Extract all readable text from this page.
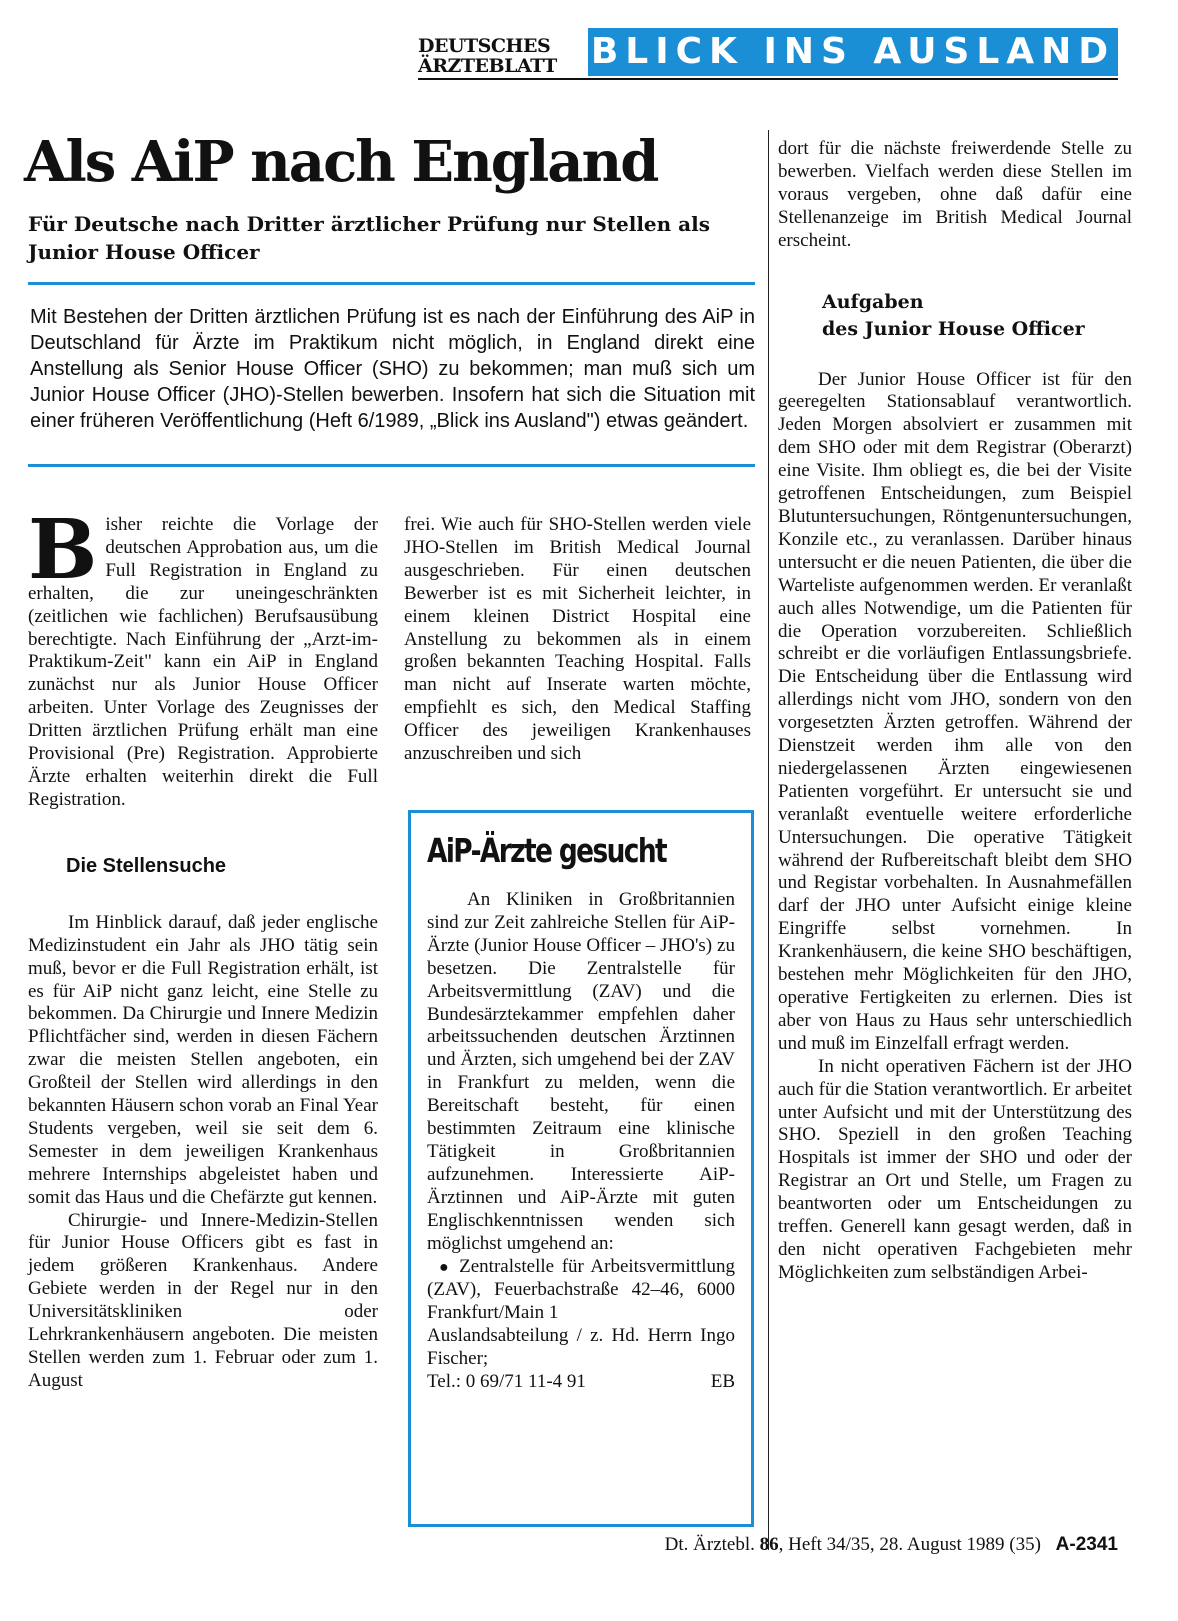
DEUTSCHES
ÄRZTEBLATT BLICK INS AUSLAND
Als AiP nach England
Für Deutsche nach Dritter ärztlicher Prüfung nur Stellen als Junior House Officer

Mit Bestehen der Dritten ärztlichen Prüfung ist es nach der Einführung des AiP in Deutschland für Ärzte im Praktikum nicht möglich, in England direkt eine Anstellung als Senior House Officer (SHO) zu bekommen; man muß sich um Junior House Officer (JHO)-Stellen bewerben. Insofern hat sich die Situation mit einer früheren Veröffentlichung (Heft 6/1989, „Blick ins Ausland") etwas geändert.

Bisher reichte die Vorlage der deutschen Approbation aus, um die Full Registration in England zu erhalten, die zur uneingeschränkten (zeitlichen wie fachlichen) Berufsausübung berechtigte. Nach Einführung der „Arzt-im-Praktikum-Zeit" kann ein AiP in England zunächst nur als Junior House Officer arbeiten. Unter Vorlage des Zeugnisses der Dritten ärztlichen Prüfung erhält man eine Provisional (Pre) Registration. Approbierte Ärzte erhalten weiterhin direkt die Full Registration.

Die Stellensuche

Im Hinblick darauf, daß jeder englische Medizinstudent ein Jahr als JHO tätig sein muß, bevor er die Full Registration erhält, ist es für AiP nicht ganz leicht, eine Stelle zu bekommen. Da Chirurgie und Innere Medizin Pflichtfächer sind, werden in diesen Fächern zwar die meisten Stellen angeboten, ein Großteil der Stellen wird allerdings in den bekannten Häusern schon vorab an Final Year Students vergeben, weil sie seit dem 6. Semester in dem jeweiligen Krankenhaus mehrere Internships abgeleistet haben und somit das Haus und die Chefärzte gut kennen.

Chirurgie- und Innere-Medizin-Stellen für Junior House Officers gibt es fast in jedem größeren Krankenhaus. Andere Gebiete werden in der Regel nur in den Universitätskliniken oder Lehrkrankenhäusern angeboten. Die meisten Stellen werden zum 1. Februar oder zum 1. August

frei. Wie auch für SHO-Stellen werden viele JHO-Stellen im British Medical Journal ausgeschrieben. Für einen deutschen Bewerber ist es mit Sicherheit leichter, in einem kleinen District Hospital eine Anstellung zu bekommen als in einem großen bekannten Teaching Hospital. Falls man nicht auf Inserate warten möchte, empfiehlt es sich, den Medical Staffing Officer des jeweiligen Krankenhauses anzuschreiben und sich

AiP-Ärzte gesucht

An Kliniken in Großbritannien sind zur Zeit zahlreiche Stellen für AiP-Ärzte (Junior House Officer – JHO's) zu besetzen. Die Zentralstelle für Arbeitsvermittlung (ZAV) und die Bundesärztekammer empfehlen daher arbeitssuchenden deutschen Ärztinnen und Ärzten, sich umgehend bei der ZAV in Frankfurt zu melden, wenn die Bereitschaft besteht, für einen bestimmten Zeitraum eine klinische Tätigkeit in Großbritannien aufzunehmen. Interessierte AiP-Ärztinnen und AiP-Ärzte mit guten Englischkenntnissen wenden sich möglichst umgehend an:

● Zentralstelle für Arbeitsvermittlung (ZAV), Feuerbachstraße 42–46, 6000 Frankfurt/Main 1

Auslandsabteilung / z. Hd. Herrn Ingo Fischer;

Tel.: 0 69/71 11-4 91	EB

dort für die nächste freiwerdende Stelle zu bewerben. Vielfach werden diese Stellen im voraus vergeben, ohne daß dafür eine Stellenanzeige im British Medical Journal erscheint.

Aufgaben
des Junior House Officer

Der Junior House Officer ist für den geeregelten Stationsablauf verantwortlich. Jeden Morgen absolviert er zusammen mit dem SHO oder mit dem Registrar (Oberarzt) eine Visite. Ihm obliegt es, die bei der Visite getroffenen Entscheidungen, zum Beispiel Blutuntersuchungen, Röntgenuntersuchungen, Konzile etc., zu veranlassen. Darüber hinaus untersucht er die neuen Patienten, die über die Warteliste aufgenommen werden. Er veranlaßt auch alles Notwendige, um die Patienten für die Operation vorzubereiten. Schließlich schreibt er die vorläufigen Entlassungsbriefe. Die Entscheidung über die Entlassung wird allerdings nicht vom JHO, sondern von den vorgesetzten Ärzten getroffen. Während der Dienstzeit werden ihm alle von den niedergelassenen Ärzten eingewiesenen Patienten vorgeführt. Er untersucht sie und veranlaßt eventuelle weitere erforderliche Untersuchungen. Die operative Tätigkeit während der Rufbereitschaft bleibt dem SHO und Registar vorbehalten. In Ausnahmefällen darf der JHO unter Aufsicht einige kleine Eingriffe selbst vornehmen. In Krankenhäusern, die keine SHO beschäftigen, bestehen mehr Möglichkeiten für den JHO, operative Fertigkeiten zu erlernen. Dies ist aber von Haus zu Haus sehr unterschiedlich und muß im Einzelfall erfragt werden.

In nicht operativen Fächern ist der JHO auch für die Station verantwortlich. Er arbeitet unter Aufsicht und mit der Unterstützung des SHO. Speziell in den großen Teaching Hospitals ist immer der SHO und oder der Registrar an Ort und Stelle, um Fragen zu beantworten oder um Entscheidungen zu treffen. Generell kann gesagt werden, daß in den nicht operativen Fachgebieten mehr Möglichkeiten zum selbständigen Arbei-

Dt. Ärztebl. 86, Heft 34/35, 28. August 1989 (35) A-2341
